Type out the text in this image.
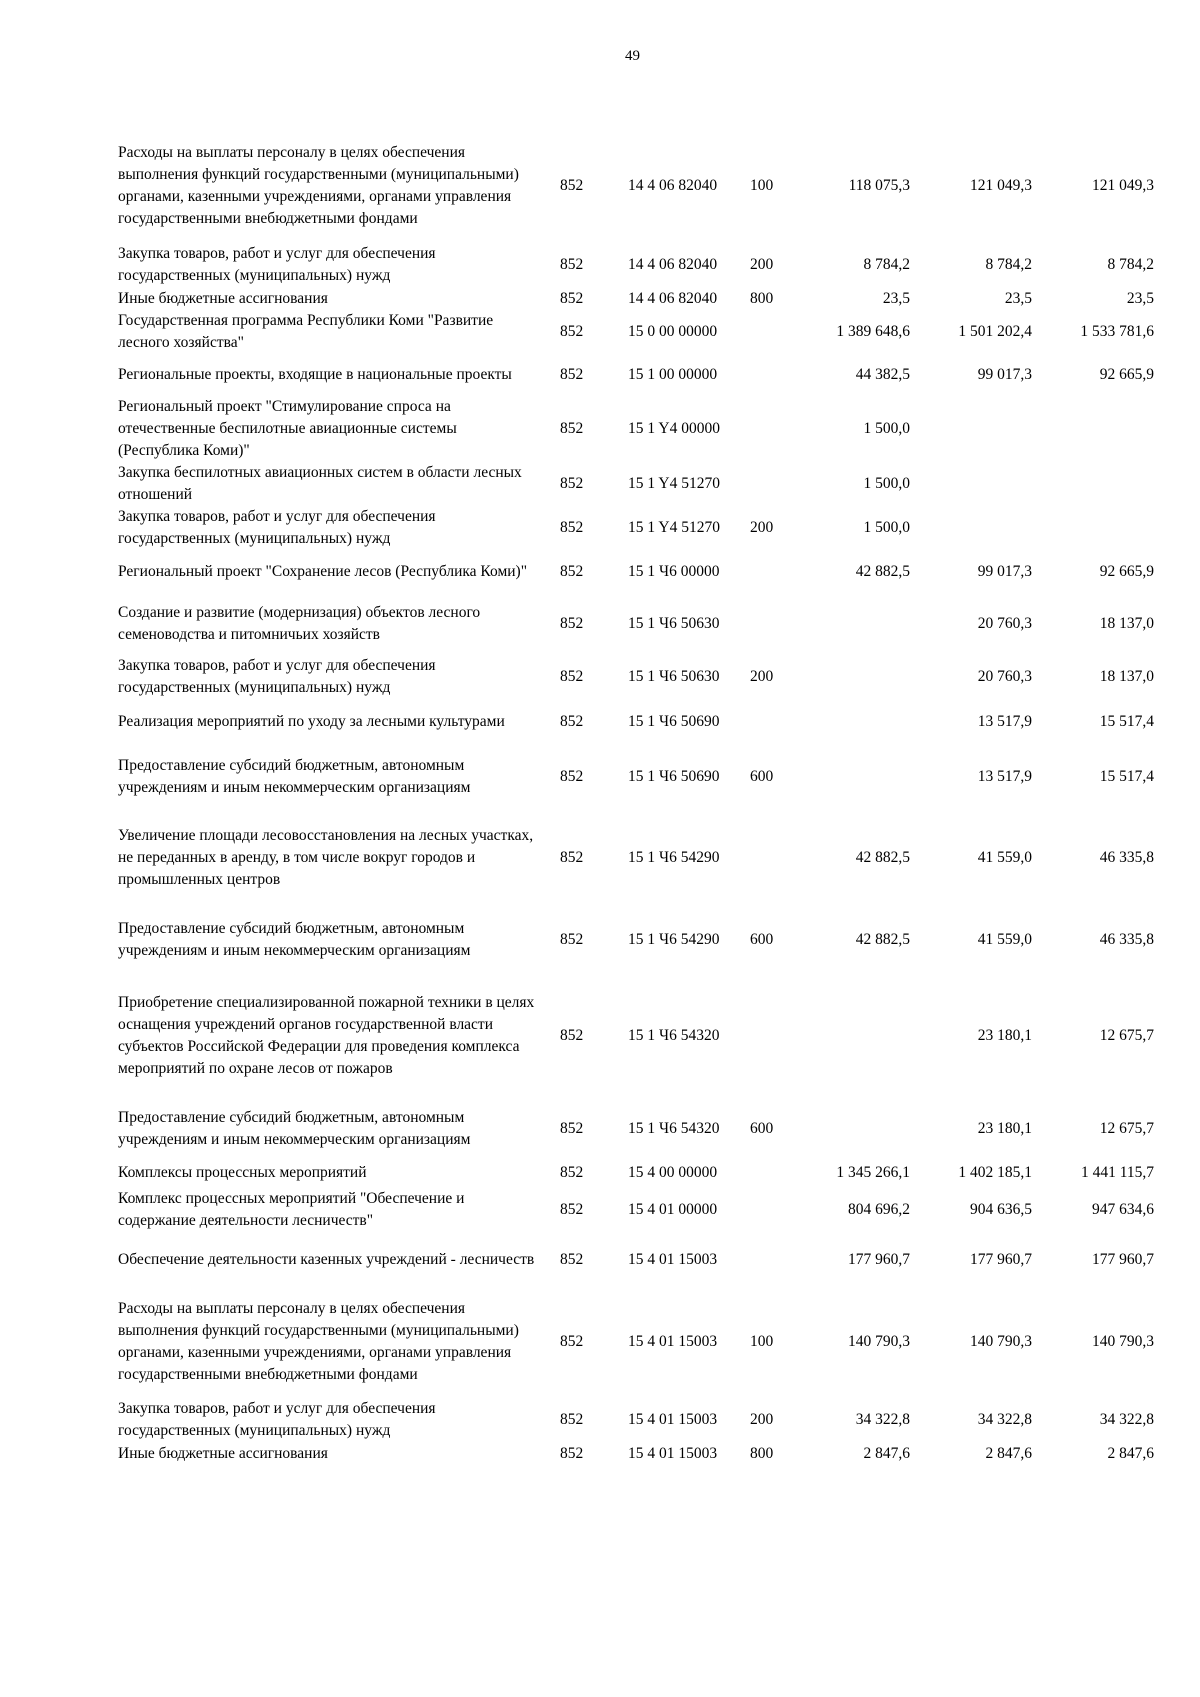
49
Расходы на выплаты персоналу в целях обеспечения выполнения функций государственными (муниципальными) органами, казенными учреждениями, органами управления государственными внебюджетными фондами	852	14 4 06 82040	100	118 075,3	121 049,3	121 049,3
Закупка товаров, работ и услуг для обеспечения государственных (муниципальных) нужд	852	14 4 06 82040	200	8 784,2	8 784,2	8 784,2
Иные бюджетные ассигнования	852	14 4 06 82040	800	23,5	23,5	23,5
Государственная программа Республики Коми "Развитие лесного хозяйства"	852	15 0 00 00000		1 389 648,6	1 501 202,4	1 533 781,6
Региональные проекты, входящие в национальные проекты	852	15 1 00 00000		44 382,5	99 017,3	92 665,9
Региональный проект "Стимулирование спроса на отечественные беспилотные авиационные системы (Республика Коми)"	852	15 1 Y4 00000		1 500,0		
Закупка беспилотных авиационных систем в области лесных отношений	852	15 1 Y4 51270		1 500,0		
Закупка товаров, работ и услуг для обеспечения государственных (муниципальных) нужд	852	15 1 Y4 51270	200	1 500,0		
Региональный проект "Сохранение лесов (Республика Коми)"	852	15 1 Ч6 00000		42 882,5	99 017,3	92 665,9
Создание и развитие (модернизация) объектов лесного семеноводства и питомничьих хозяйств	852	15 1 Ч6 50630			20 760,3	18 137,0
Закупка товаров, работ и услуг для обеспечения государственных (муниципальных) нужд	852	15 1 Ч6 50630	200		20 760,3	18 137,0
Реализация мероприятий по уходу за лесными культурами	852	15 1 Ч6 50690			13 517,9	15 517,4
Предоставление субсидий бюджетным, автономным учреждениям и иным некоммерческим организациям	852	15 1 Ч6 50690	600		13 517,9	15 517,4
Увеличение площади лесовосстановления на лесных участках, не переданных в аренду, в том числе вокруг городов и промышленных центров	852	15 1 Ч6 54290		42 882,5	41 559,0	46 335,8
Предоставление субсидий бюджетным, автономным учреждениям и иным некоммерческим организациям	852	15 1 Ч6 54290	600	42 882,5	41 559,0	46 335,8
Приобретение специализированной пожарной техники в целях оснащения учреждений органов государственной власти субъектов Российской Федерации для проведения комплекса мероприятий по охране лесов от пожаров	852	15 1 Ч6 54320			23 180,1	12 675,7
Предоставление субсидий бюджетным, автономным учреждениям и иным некоммерческим организациям	852	15 1 Ч6 54320	600		23 180,1	12 675,7
Комплексы процессных мероприятий	852	15 4 00 00000		1 345 266,1	1 402 185,1	1 441 115,7
Комплекс процессных мероприятий "Обеспечение и содержание деятельности лесничеств"	852	15 4 01 00000		804 696,2	904 636,5	947 634,6
Обеспечение деятельности казенных учреждений - лесничеств	852	15 4 01 15003		177 960,7	177 960,7	177 960,7
Расходы на выплаты персоналу в целях обеспечения выполнения функций государственными (муниципальными) органами, казенными учреждениями, органами управления государственными внебюджетными фондами	852	15 4 01 15003	100	140 790,3	140 790,3	140 790,3
Закупка товаров, работ и услуг для обеспечения государственных (муниципальных) нужд	852	15 4 01 15003	200	34 322,8	34 322,8	34 322,8
Иные бюджетные ассигнования	852	15 4 01 15003	800	2 847,6	2 847,6	2 847,6
